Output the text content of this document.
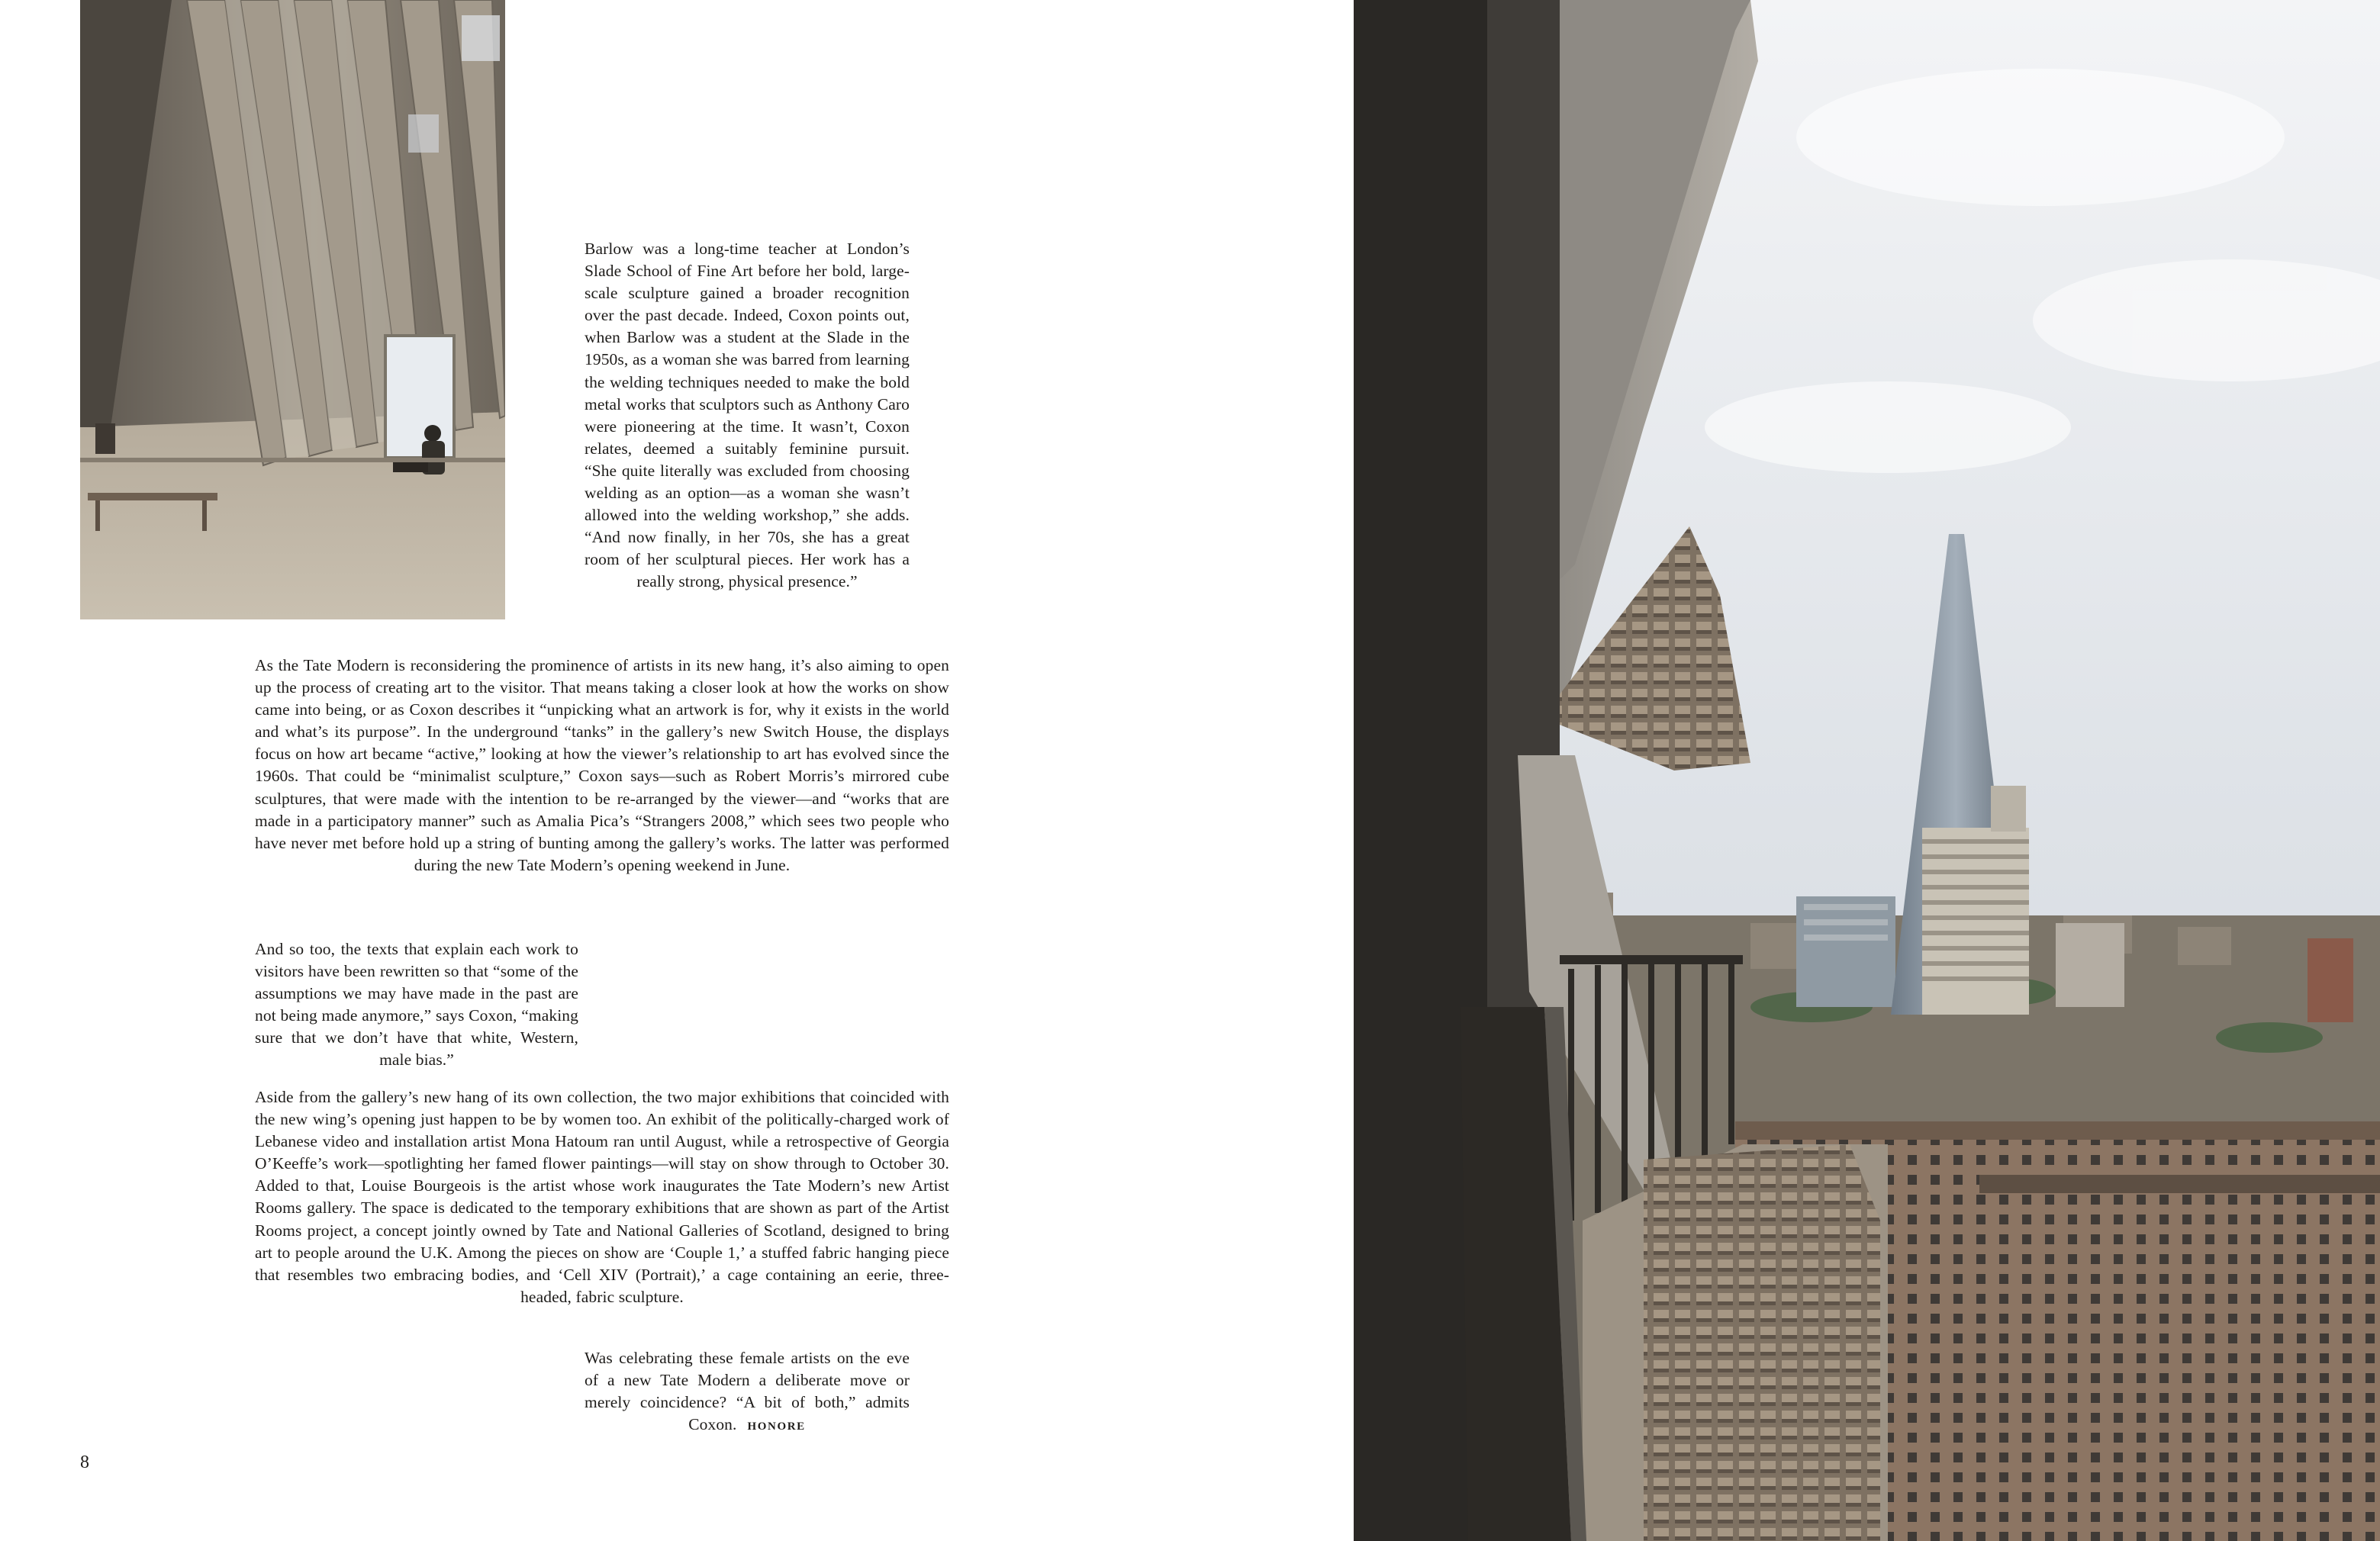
Barlow was a long-time teacher at London’s Slade School of Fine Art before her bold, large-scale sculpture gained a broader recognition over the past decade. Indeed, Coxon points out, when Barlow was a student at the Slade in the 1950s, as a woman she was barred from learning the welding techniques needed to make the bold metal works that sculptors such as Anthony Caro were pioneering at the time. It wasn’t, Coxon relates, deemed a suitably feminine pursuit. “She quite literally was excluded from choosing welding as an option—as a woman she wasn’t allowed into the welding workshop,” she adds. “And now finally, in her 70s, she has a great room of her sculptural pieces. Her work has a really strong, physical presence.”

As the Tate Modern is reconsidering the prominence of artists in its new hang, it’s also aiming to open up the process of creating art to the visitor. That means taking a closer look at how the works on show came into being, or as Coxon describes it “unpicking what an artwork is for, why it exists in the world and what’s its purpose”. In the underground “tanks” in the gallery’s new Switch House, the displays focus on how art became “active,” looking at how the viewer’s relationship to art has evolved since the 1960s. That could be “minimalist sculpture,” Coxon says—such as Robert Morris’s mirrored cube sculptures, that were made with the intention to be re-arranged by the viewer—and “works that are made in a participatory manner” such as Amalia Pica’s “Strangers 2008,” which sees two people who have never met before hold up a string of bunting among the gallery’s works. The latter was performed during the new Tate Modern’s opening weekend in June.

And so too, the texts that explain each work to visitors have been rewritten so that “some of the assumptions we may have made in the past are not being made anymore,” says Coxon, “making sure that we don’t have that white, Western, male bias.”

Aside from the gallery’s new hang of its own collection, the two major exhibitions that coincided with the new wing’s opening just happen to be by women too. An exhibit of the politically-charged work of Lebanese video and installation artist Mona Hatoum ran until August, while a retrospective of Georgia O’Keeffe’s work—spotlighting her famed flower paintings—will stay on show through to October 30. Added to that, Louise Bourgeois is the artist whose work inaugurates the Tate Modern’s new Artist Rooms gallery. The space is dedicated to the temporary exhibitions that are shown as part of the Artist Rooms project, a concept jointly owned by Tate and National Galleries of Scotland, designed to bring art to people around the U.K. Among the pieces on show are ‘Couple 1,’ a stuffed fabric hanging piece that resembles two embracing bodies, and ‘Cell XIV (Portrait),’ a cage containing an eerie, three-headed, fabric sculpture.

Was celebrating these female artists on the eve of a new Tate Modern a deliberate move or merely coincidence? “A bit of both,” admits Coxon. HONORE

8
